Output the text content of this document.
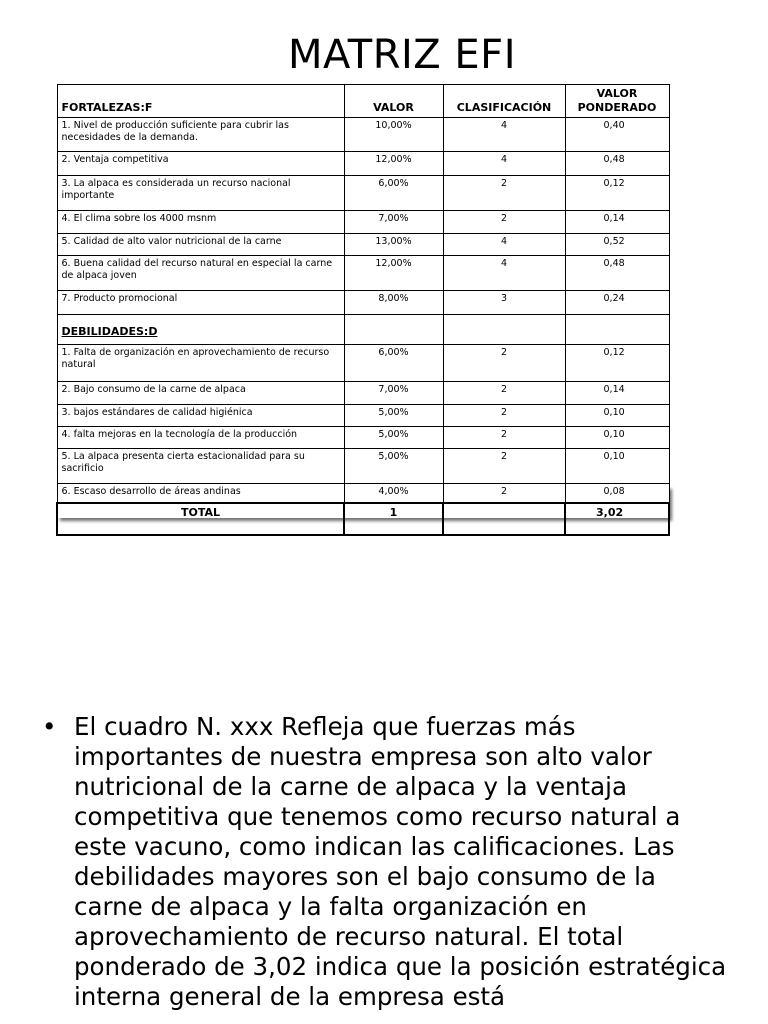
MATRIZ EFI
FORTALEZAS:F	VALOR	CLASIFICACIÓN	VALOR PONDERADO
1. Nivel de producción suficiente para cubrir las necesidades de la demanda.	10,00%	4	0,40
2. Ventaja competitiva	12,00%	4	0,48
3. La alpaca es considerada un recurso nacional importante	6,00%	2	0,12
4. El clima sobre los 4000 msnm	7,00%	2	0,14
5. Calidad de alto valor nutricional de la carne	13,00%	4	0,52
6. Buena calidad del recurso natural en especial la carne de alpaca joven	12,00%	4	0,48
7. Producto promocional	8,00%	3	0,24
DEBILIDADES:D			
1. Falta de organización en aprovechamiento de recurso natural	6,00%	2	0,12
2. Bajo consumo de la carne de alpaca	7,00%	2	0,14
3. bajos estándares de calidad higiénica	5,00%	2	0,10
4. falta mejoras en la tecnología de la producción	5,00%	2	0,10
5. La alpaca presenta cierta estacionalidad para su sacrificio	5,00%	2	0,10
6. Escaso desarrollo de áreas andinas	4,00%	2	0,08
TOTAL	1		3,02
• El cuadro N. xxx Refleja que fuerzas más importantes de nuestra empresa son alto valor nutricional de la carne de alpaca y la ventaja competitiva que tenemos como recurso natural a este vacuno, como indican las calificaciones. Las debilidades mayores son el bajo consumo de la carne de alpaca y la falta organización en aprovechamiento de recurso natural. El total ponderado de 3,02 indica que la posición estratégica interna general de la empresa está
